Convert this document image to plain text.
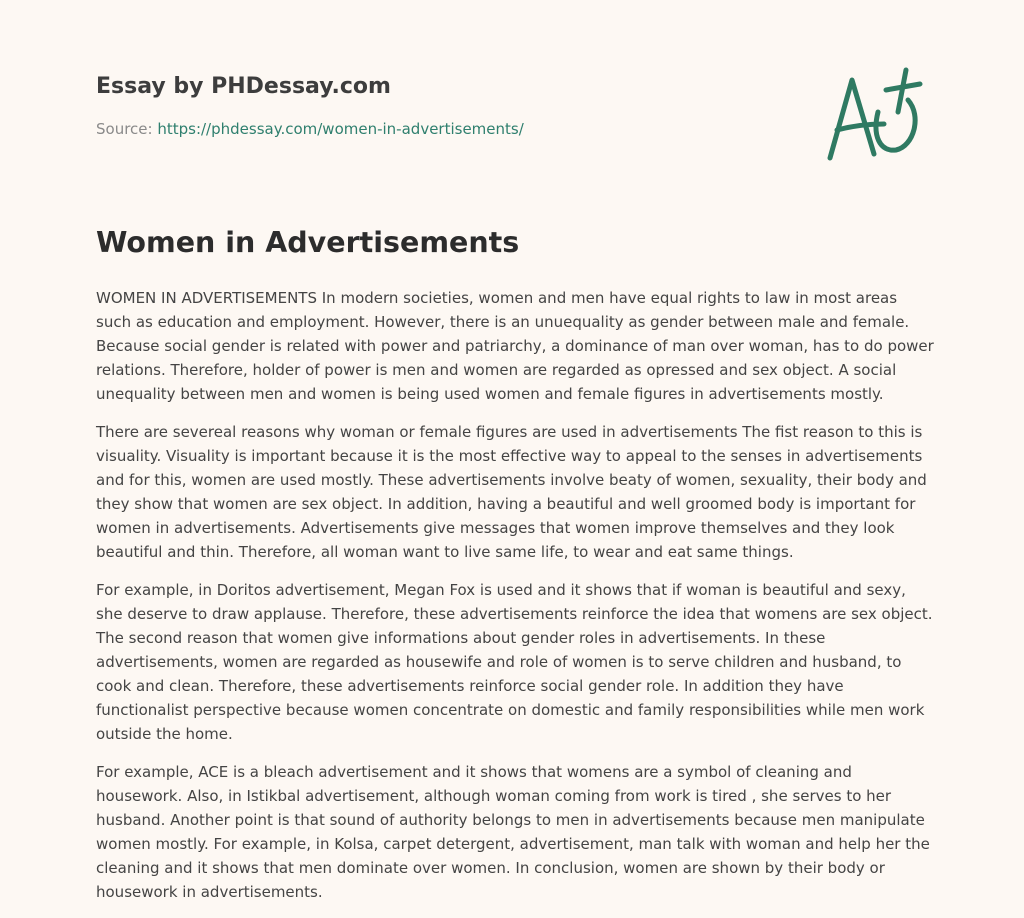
Essay by PHDessay.com
Source: https://phdessay.com/women-in-advertisements/
Women in Advertisements

WOMEN IN ADVERTISEMENTS In modern societies, women and men have equal rights to law in most areas such as education and employment. However, there is an unuequality as gender between male and female. Because social gender is related with power and patriarchy, a dominance of man over woman, has to do power relations. Therefore, holder of power is men and women are regarded as opressed and sex object. A social unequality between men and women is being used women and female figures in advertisements mostly.

There are severeal reasons why woman or female figures are used in advertisements The fist reason to this is visuality. Visuality is important because it is the most effective way to appeal to the senses in advertisements and for this, women are used mostly. These advertisements involve beaty of women, sexuality, their body and they show that women are sex object. In addition, having a beautiful and well groomed body is important for women in advertisements. Advertisements give messages that women improve themselves and they look beautiful and thin. Therefore, all woman want to live same life, to wear and eat same things.

For example, in Doritos advertisement, Megan Fox is used and it shows that if woman is beautiful and sexy, she deserve to draw applause. Therefore, these advertisements reinforce the idea that womens are sex object. The second reason that women give informations about gender roles in advertisements. In these advertisements, women are regarded as housewife and role of women is to serve children and husband, to cook and clean. Therefore, these advertisements reinforce social gender role. In addition they have functionalist perspective because women concentrate on domestic and family responsibilities while men work outside the home.

For example, ACE is a bleach advertisement and it shows that womens are a symbol of cleaning and housework. Also, in Istikbal advertisement, although woman coming from work is tired , she serves to her husband. Another point is that sound of authority belongs to men in advertisements because men manipulate women mostly. For example, in Kolsa, carpet detergent, advertisement, man talk with woman and help her the cleaning and it shows that men dominate over women. In conclusion, women are shown by their body or housework in advertisements.
